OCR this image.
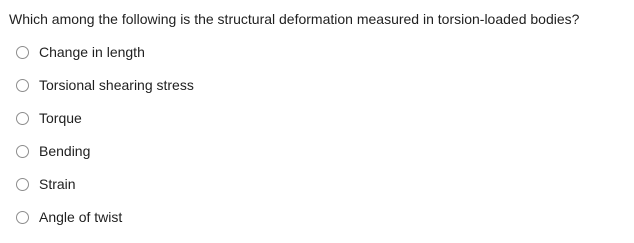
Which among the following is the structural deformation measured in torsion-loaded bodies?
Change in length
Torsional shearing stress
Torque
Bending
Strain
Angle of twist
